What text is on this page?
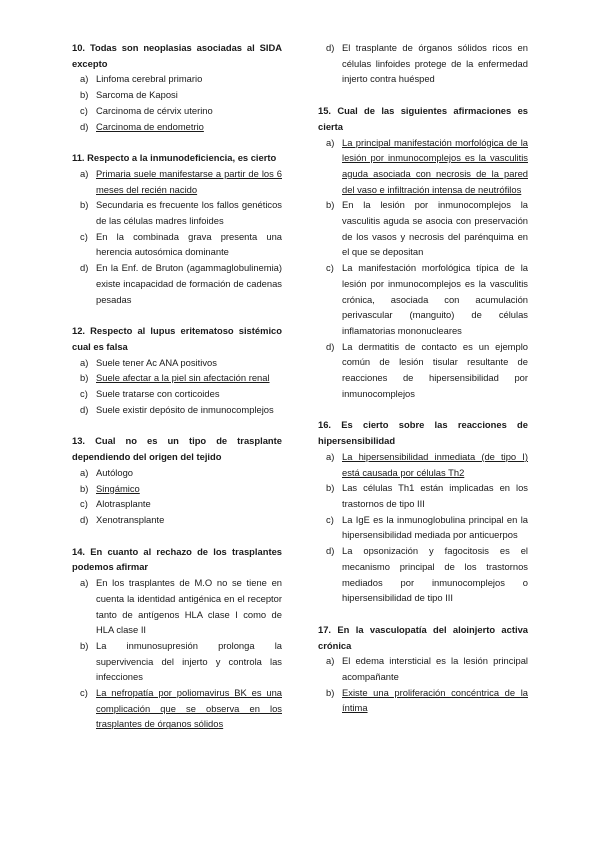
10. Todas son neoplasias asociadas al SIDA excepto
a) Linfoma cerebral primario
b) Sarcoma de Kaposi
c) Carcinoma de cérvix uterino
d) Carcinoma de endometrio
11. Respecto a la inmunodeficiencia, es cierto
a) Primaria suele manifestarse a partir de los 6 meses del recién nacido
b) Secundaria es frecuente los fallos genéticos de las células madres linfoides
c) En la combinada grava presenta una herencia autosómica dominante
d) En la Enf. de Bruton (agammaglobulinemia) existe incapacidad de formación de cadenas pesadas
12. Respecto al lupus eritematoso sistémico cual es falsa
a) Suele tener Ac ANA positivos
b) Suele afectar a la piel sin afectación renal
c) Suele tratarse con corticoides
d) Suele existir depósito de inmunocomplejos
13. Cual no es un tipo de trasplante dependiendo del origen del tejido
a) Autólogo
b) Singámico
c) Alotrasplante
d) Xenotransplante
14. En cuanto al rechazo de los trasplantes podemos afirmar
a) En los trasplantes de M.O no se tiene en cuenta la identidad antigénica en el receptor tanto de antígenos HLA clase I como de HLA clase II
b) La inmunosupresión prolonga la supervivencia del injerto y controla las infecciones
c) La nefropatía por poliomavirus BK es una complicación que se observa en los trasplantes de órganos sólidos
d) El trasplante de órganos sólidos ricos en células linfoides protege de la enfermedad injerto contra huésped
15. Cual de las siguientes afirmaciones es cierta
a) La principal manifestación morfológica de la lesión por inmunocomplejos es la vasculitis aguda asociada con necrosis de la pared del vaso e infiltración intensa de neutrófilos
b) En la lesión por inmunocomplejos la vasculitis aguda se asocia con preservación de los vasos y necrosis del parénquima en el que se depositan
c) La manifestación morfológica típica de la lesión por inmunocomplejos es la vasculitis crónica, asociada con acumulación perivascular (manguito) de células inflamatorias mononucleares
d) La dermatitis de contacto es un ejemplo común de lesión tisular resultante de reacciones de hipersensibilidad por inmunocomplejos
16. Es cierto sobre las reacciones de hipersensibilidad
a) La hipersensibilidad inmediata (de tipo I) está causada por células Th2
b) Las células Th1 están implicadas en los trastornos de tipo III
c) La IgE es la inmunoglobulina principal en la hipersensibilidad mediada por anticuerpos
d) La opsonización y fagocitosis es el mecanismo principal de los trastornos mediados por inmunocomplejos o hipersensibilidad de tipo III
17. En la vasculopatía del aloinjerto activa crónica
a) El edema intersticial es la lesión principal acompañante
b) Existe una proliferación concéntrica de la íntima
